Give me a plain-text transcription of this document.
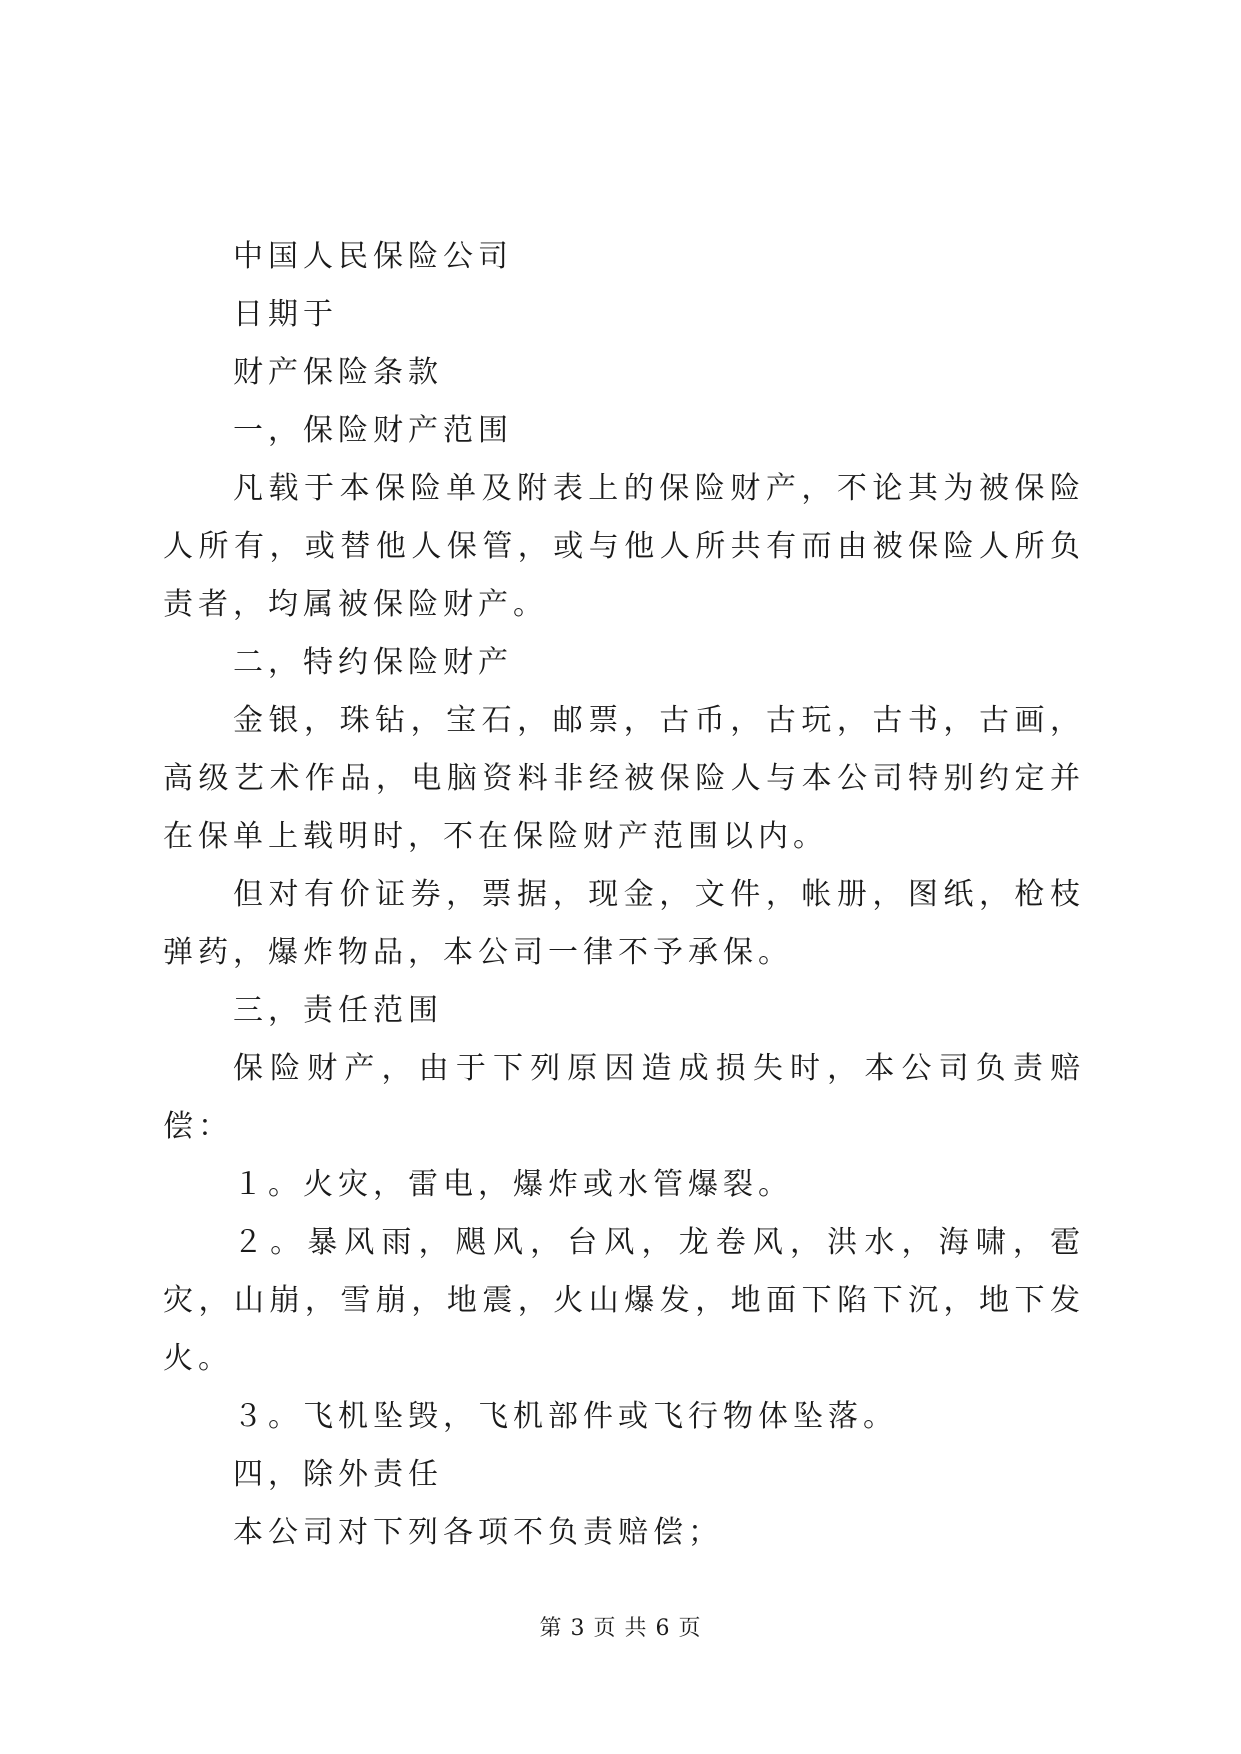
中国人民保险公司

日期于

财产保险条款

一，保险财产范围

凡载于本保险单及附表上的保险财产，不论其为被保险人所有，或替他人保管，或与他人所共有而由被保险人所负责者，均属被保险财产。

二，特约保险财产

金银，珠钻，宝石，邮票，古币，古玩，古书，古画，高级艺术作品，电脑资料非经被保险人与本公司特别约定并在保单上载明时，不在保险财产范围以内。

但对有价证券，票据，现金，文件，帐册，图纸，枪枝弹药，爆炸物品，本公司一律不予承保。

三，责任范围

保险财产，由于下列原因造成损失时，本公司负责赔偿：

１。火灾，雷电，爆炸或水管爆裂。

２。暴风雨，飓风，台风，龙卷风，洪水，海啸，雹灾，山崩，雪崩，地震，火山爆发，地面下陷下沉，地下发火。

３。飞机坠毁，飞机部件或飞行物体坠落。

四，除外责任

本公司对下列各项不负责赔偿；

第 3 页 共 6 页
